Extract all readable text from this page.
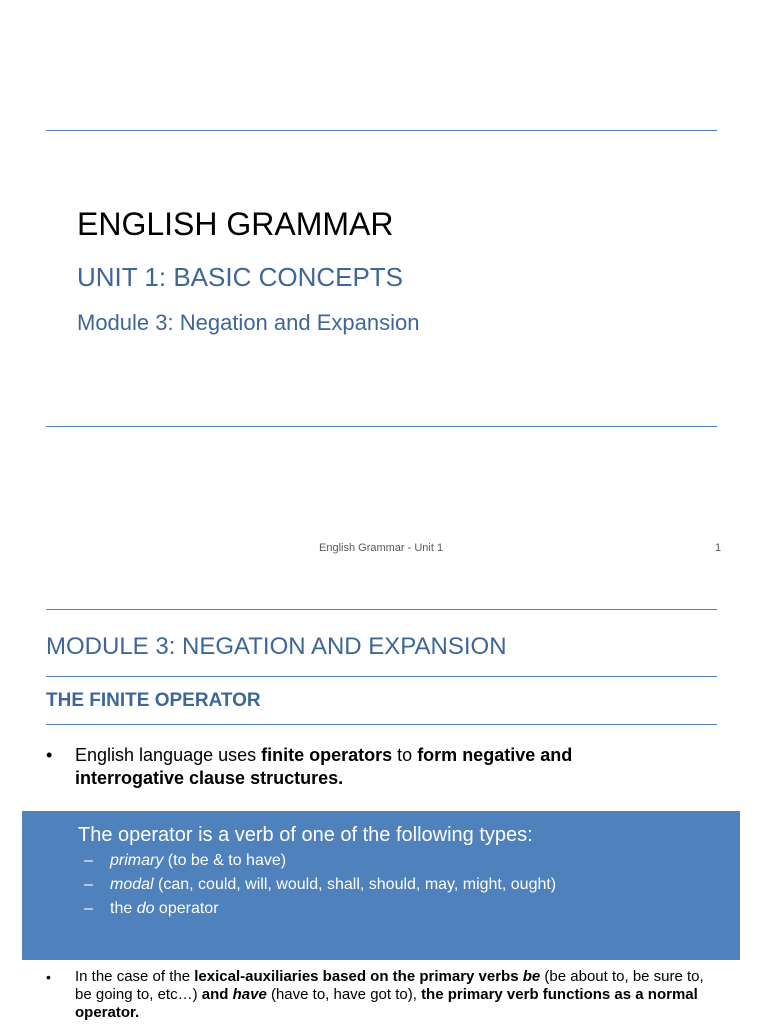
ENGLISH GRAMMAR
UNIT 1: BASIC CONCEPTS
Module 3: Negation and Expansion
English Grammar - Unit 1	1
MODULE 3: NEGATION AND EXPANSION
THE FINITE OPERATOR
• English language uses finite operators to form negative and interrogative clause structures.
The operator is a verb of one of the following types:
– primary (to be & to have)
– modal (can, could, will, would, shall, should, may, might, ought)
– the do operator
• In the case of the lexical-auxiliaries based on the primary verbs be (be about to, be sure to, be going to, etc…) and have (have to, have got to), the primary verb functions as a normal operator.
